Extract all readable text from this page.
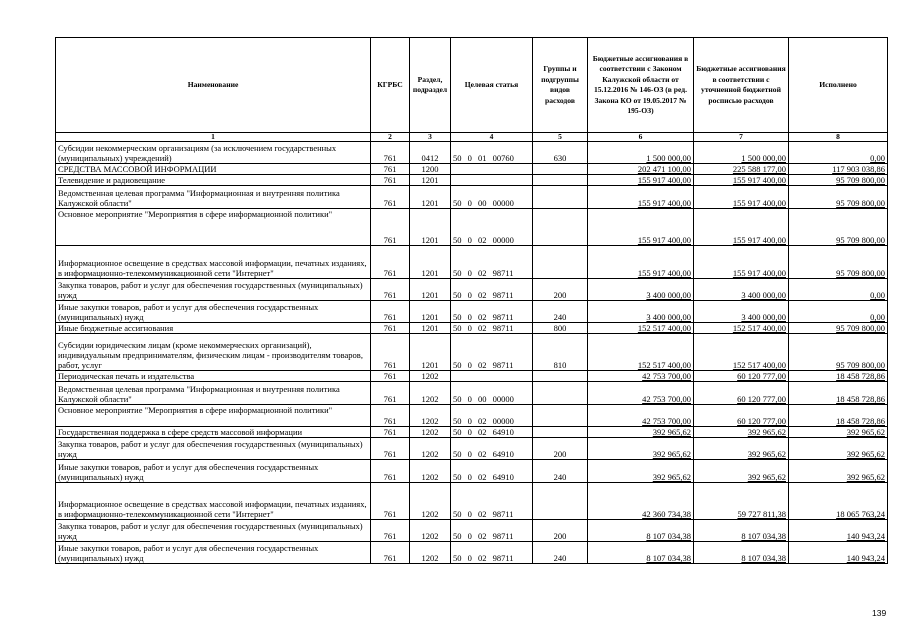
Наименование	КГРБС	Раздел, подраздел	Целевая статья	Группы и подгруппы видов расходов	Бюджетные ассигнования в соответствии с Законом Калужской области от 15.12.2016 № 146-ОЗ (в ред. Закона КО от 19.05.2017 № 195-ОЗ)	Бюджетные ассигнования в соответствии с уточненной бюджетной росписью расходов	Исполнено
1	2	3	4	5	6	7	8
Субсидии некоммерческим организациям (за исключением государственных (муниципальных) учреждений)	761	0412	50 0 01 00760	630	1 500 000,00	1 500 000,00	0,00
СРЕДСТВА МАССОВОЙ ИНФОРМАЦИИ	761	1200			202 471 100,00	225 588 177,00	117 903 038,86
Телевидение и радиовещание	761	1201			155 917 400,00	155 917 400,00	95 709 800,00
Ведомственная целевая программа "Информационная и внутренняя политика Калужской области"	761	1201	50 0 00 00000		155 917 400,00	155 917 400,00	95 709 800,00
Основное мероприятие "Мероприятия в сфере информационной политики"	761	1201	50 0 02 00000		155 917 400,00	155 917 400,00	95 709 800,00
Информационное освещение в средствах массовой информации, печатных изданиях, в информационно-телекоммуникационной сети "Интернет"	761	1201	50 0 02 98711		155 917 400,00	155 917 400,00	95 709 800,00
Закупка товаров, работ и услуг для обеспечения государственных (муниципальных) нужд	761	1201	50 0 02 98711	200	3 400 000,00	3 400 000,00	0,00
Иные закупки товаров, работ и услуг для обеспечения государственных (муниципальных) нужд	761	1201	50 0 02 98711	240	3 400 000,00	3 400 000,00	0,00
Иные бюджетные ассигнования	761	1201	50 0 02 98711	800	152 517 400,00	152 517 400,00	95 709 800,00
Субсидии юридическим лицам (кроме некоммерческих организаций), индивидуальным предпринимателям, физическим лицам - производителям товаров, работ, услуг	761	1201	50 0 02 98711	810	152 517 400,00	152 517 400,00	95 709 800,00
Периодическая печать и издательства	761	1202			42 753 700,00	60 120 777,00	18 458 728,86
Ведомственная целевая программа "Информационная и внутренняя политика Калужской области"	761	1202	50 0 00 00000		42 753 700,00	60 120 777,00	18 458 728,86
Основное мероприятие "Мероприятия в сфере информационной политики"	761	1202	50 0 02 00000		42 753 700,00	60 120 777,00	18 458 728,86
Государственная поддержка в сфере средств массовой информации	761	1202	50 0 02 64910		392 965,62	392 965,62	392 965,62
Закупка товаров, работ и услуг для обеспечения государственных (муниципальных) нужд	761	1202	50 0 02 64910	200	392 965,62	392 965,62	392 965,62
Иные закупки товаров, работ и услуг для обеспечения государственных (муниципальных) нужд	761	1202	50 0 02 64910	240	392 965,62	392 965,62	392 965,62
Информационное освещение в средствах массовой информации, печатных изданиях, в информационно-телекоммуникационной сети "Интернет"	761	1202	50 0 02 98711		42 360 734,38	59 727 811,38	18 065 763,24
Закупка товаров, работ и услуг для обеспечения государственных (муниципальных) нужд	761	1202	50 0 02 98711	200	8 107 034,38	8 107 034,38	140 943,24
Иные закупки товаров, работ и услуг для обеспечения государственных (муниципальных) нужд	761	1202	50 0 02 98711	240	8 107 034,38	8 107 034,38	140 943,24
139
